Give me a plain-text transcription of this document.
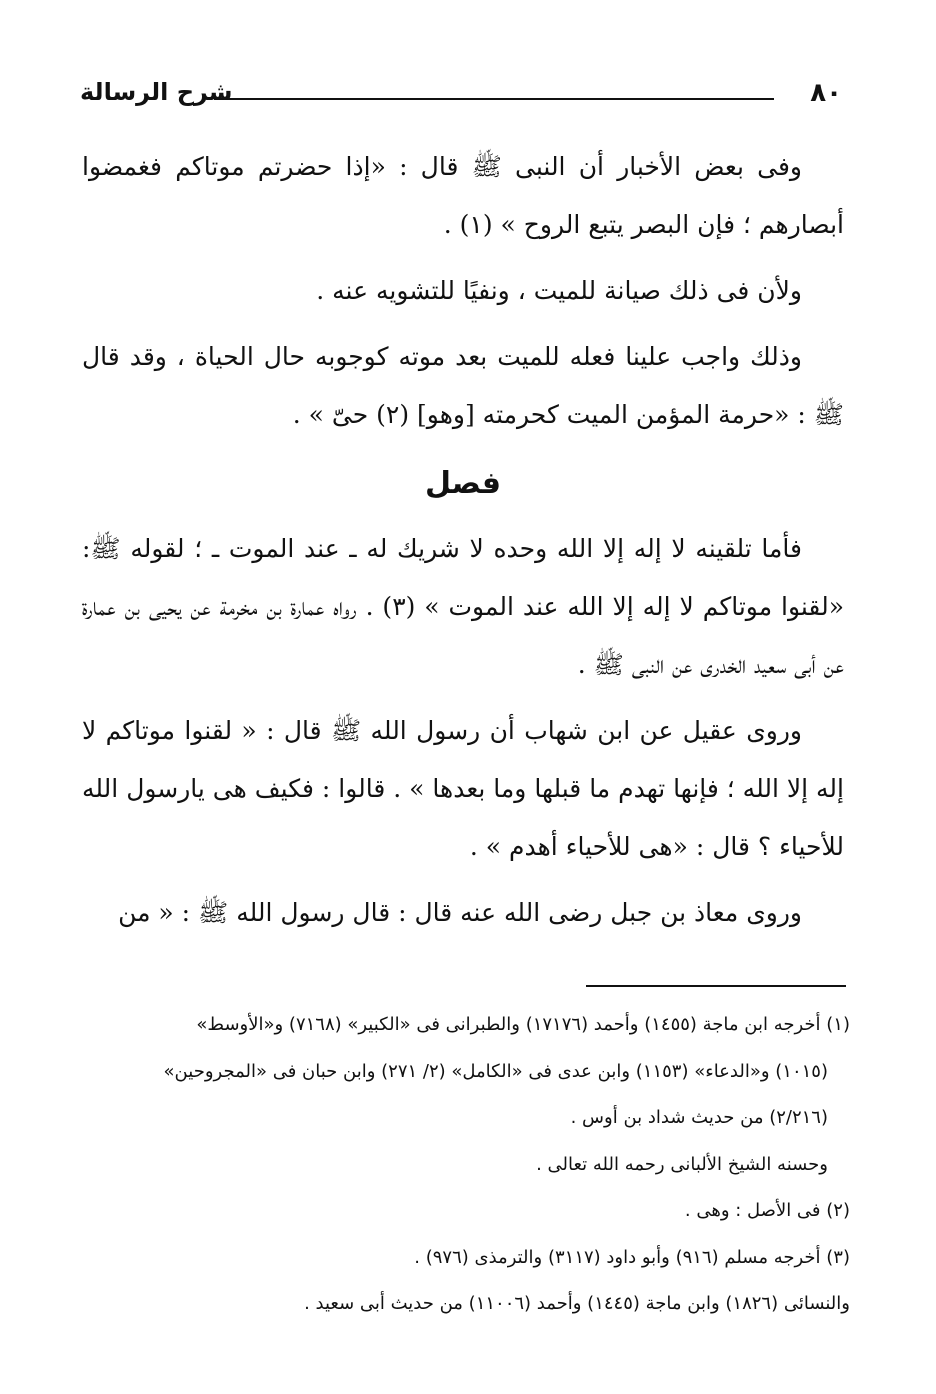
٨٠
شرح الرسالة

وفى بعض الأخبار أن النبى ﷺ قال : «إذا حضرتم موتاكم فغمضوا أبصارهم ؛ فإن البصر يتبع الروح » (١) .

ولأن فى ذلك صيانة للميت ، ونفيًا للتشويه عنه .

وذلك واجب علينا فعله للميت بعد موته كوجوبه حال الحياة ، وقد قال ﷺ : «حرمة المؤمن الميت كحرمته [وهو] (٢) حىّ » .

فصل

فأما تلقينه لا إله إلا الله وحده لا شريك له ـ عند الموت ـ ؛ لقوله ﷺ: «لقنوا موتاكم لا إله إلا الله عند الموت » (٣) . رواه عمارة بن مخرمة عن يحيى بن عمارة عن أبى سعيد الخدرى عن النبى ﷺ .

وروى عقيل عن ابن شهاب أن رسول الله ﷺ قال : « لقنوا موتاكم لا إله إلا الله ؛ فإنها تهدم ما قبلها وما بعدها » . قالوا : فكيف هى يارسول الله للأحياء ؟ قال : «هى للأحياء أهدم » .

وروى معاذ بن جبل رضى الله عنه قال : قال رسول الله ﷺ : « من

(١) أخرجه ابن ماجة (١٤٥٥) وأحمد (١٧١٧٦) والطبرانى فى «الكبير» (٧١٦٨) و«الأوسط»

(١٠١٥) و«الدعاء» (١١٥٣) وابن عدى فى «الكامل» (٢/ ٢٧١) وابن حبان فى «المجروحين»

(٢/٢١٦) من حديث شداد بن أوس .

وحسنه الشيخ الألبانى رحمه الله تعالى .

(٢) فى الأصل : وهى .

(٣) أخرجه مسلم (٩١٦) وأبو داود (٣١١٧) والترمذى (٩٧٦) .

والنسائى (١٨٢٦) وابن ماجة (١٤٤٥) وأحمد (١١٠٠٦) من حديث أبى سعيد .
